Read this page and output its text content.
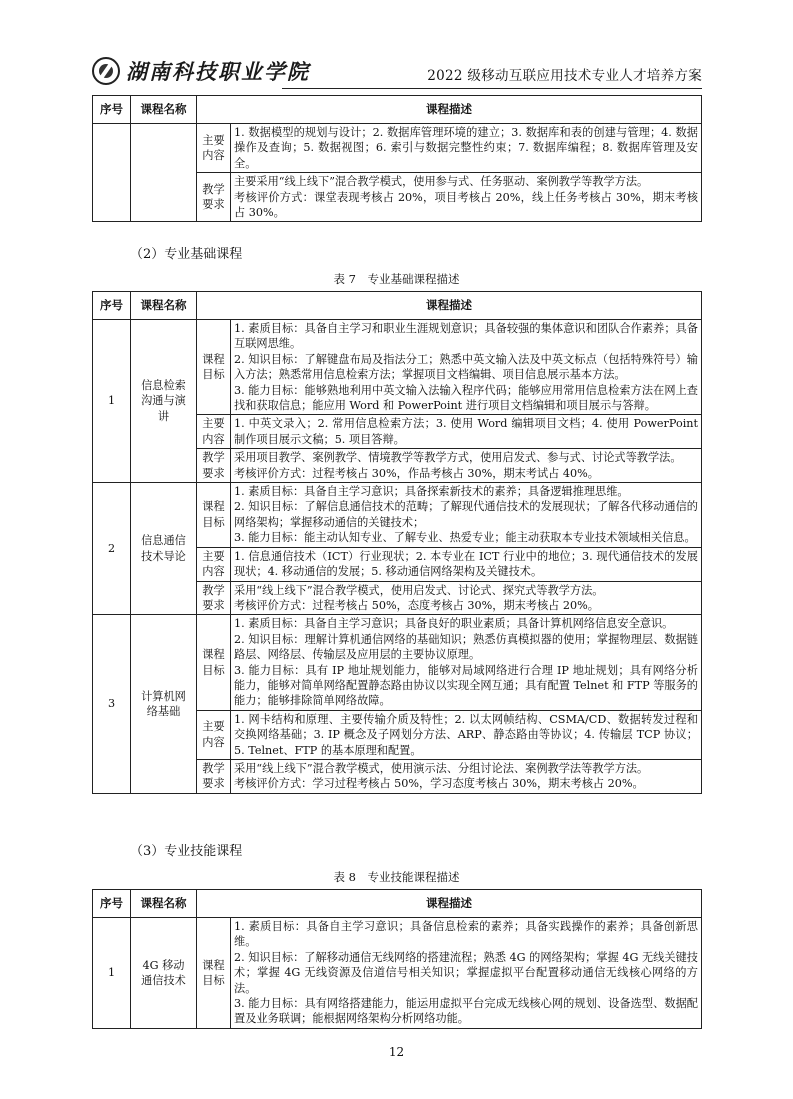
湖南科技职业学院	2022 级移动互联应用技术专业人才培养方案
序号	课程名称	课程描述	
		主要内容	1. 数据模型的规划与设计；2. 数据库管理环境的建立；3. 数据库和表的创建与管理；4. 数据操作及查询；5. 数据视图；6. 索引与数据完整性约束；7. 数据库编程；8. 数据库管理及安全。

		教学要求	主要采用“线上线下”混合教学模式，使用参与式、任务驱动、案例教学等教学方法。
考核评价方式：课堂表现考核占 20%，项目考核占 20%，线上任务考核占 30%，期末考核占 30%。
（2）专业基础课程
表 7　专业基础课程描述
序号	课程名称	课程描述	
1	信息检索沟通与演讲	课程目标	1. 素质目标：具备自主学习和职业生涯规划意识；具备较强的集体意识和团队合作素养；具备互联网思维。
2. 知识目标：了解键盘布局及指法分工；熟悉中英文输入法及中英文标点（包括特殊符号）输入方法；熟悉常用信息检索方法；掌握项目文档编辑、项目信息展示基本方法。
3. 能力目标：能够熟地利用中英文输入法输入程序代码；能够应用常用信息检索方法在网上查找和获取信息；能应用 Word 和 PowerPoint 进行项目文档编辑和项目展示与答辩。

		主要内容	1. 中英文录入；2. 常用信息检索方法；3. 使用 Word 编辑项目文档；4. 使用 PowerPoint 制作项目展示文稿；5. 项目答辩。

		教学要求	采用项目教学、案例教学、情境教学等教学方式，使用启发式、参与式、讨论式等教学法。
考核评价方式：过程考核占 30%，作品考核占 30%，期末考试占 40%。

2	信息通信技术导论	课程目标	1. 素质目标：具备自主学习意识；具备探索新技术的素养；具备逻辑推理思维。
2. 知识目标：了解信息通信技术的范畴；了解现代通信技术的发展现状；了解各代移动通信的网络架构；掌握移动通信的关键技术；
3. 能力目标：能主动认知专业、了解专业、热爱专业；能主动获取本专业技术领域相关信息。

		主要内容	1. 信息通信技术（ICT）行业现状；2. 本专业在 ICT 行业中的地位；3. 现代通信技术的发展现状；4. 移动通信的发展；5. 移动通信网络架构及关键技术。

		教学要求	采用“线上线下”混合教学模式，使用启发式、讨论式、探究式等教学方法。
考核评价方式：过程考核占 50%，态度考核占 30%，期末考核占 20%。

3	计算机网络基础	课程目标	1. 素质目标：具备自主学习意识；具备良好的职业素质；具备计算机网络信息安全意识。
2. 知识目标：理解计算机通信网络的基础知识；熟悉仿真模拟器的使用；掌握物理层、数据链路层、网络层、传输层及应用层的主要协议原理。
3. 能力目标：具有 IP 地址规划能力，能够对局域网络进行合理 IP 地址规划；具有网络分析能力，能够对简单网络配置静态路由协议以实现全网互通；具有配置 Telnet 和 FTP 等服务的能力；能够排除简单网络故障。

		主要内容	1. 网卡结构和原理、主要传输介质及特性；2. 以太网帧结构、CSMA/CD、数据转发过程和交换网络基础；3. IP 概念及子网划分方法、ARP、静态路由等协议；4. 传输层 TCP 协议；5. Telnet、FTP 的基本原理和配置。

		教学要求	采用“线上线下”混合教学模式，使用演示法、分组讨论法、案例教学法等教学方法。
考核评价方式：学习过程考核占 50%，学习态度考核占 30%，期末考核占 20%。
（3）专业技能课程
表 8　专业技能课程描述
序号	课程名称	课程描述	
1	4G 移动通信技术	课程目标	1. 素质目标：具备自主学习意识；具备信息检索的素养；具备实践操作的素养；具备创新思维。
2. 知识目标：了解移动通信无线网络的搭建流程；熟悉 4G 的网络架构；掌握 4G 无线关键技术；掌握 4G 无线资源及信道信号相关知识；掌握虚拟平台配置移动通信无线核心网络的方法。
3. 能力目标：具有网络搭建能力，能运用虚拟平台完成无线核心网的规划、设备选型、数据配置及业务联调；能根据网络架构分析网络功能。
12
